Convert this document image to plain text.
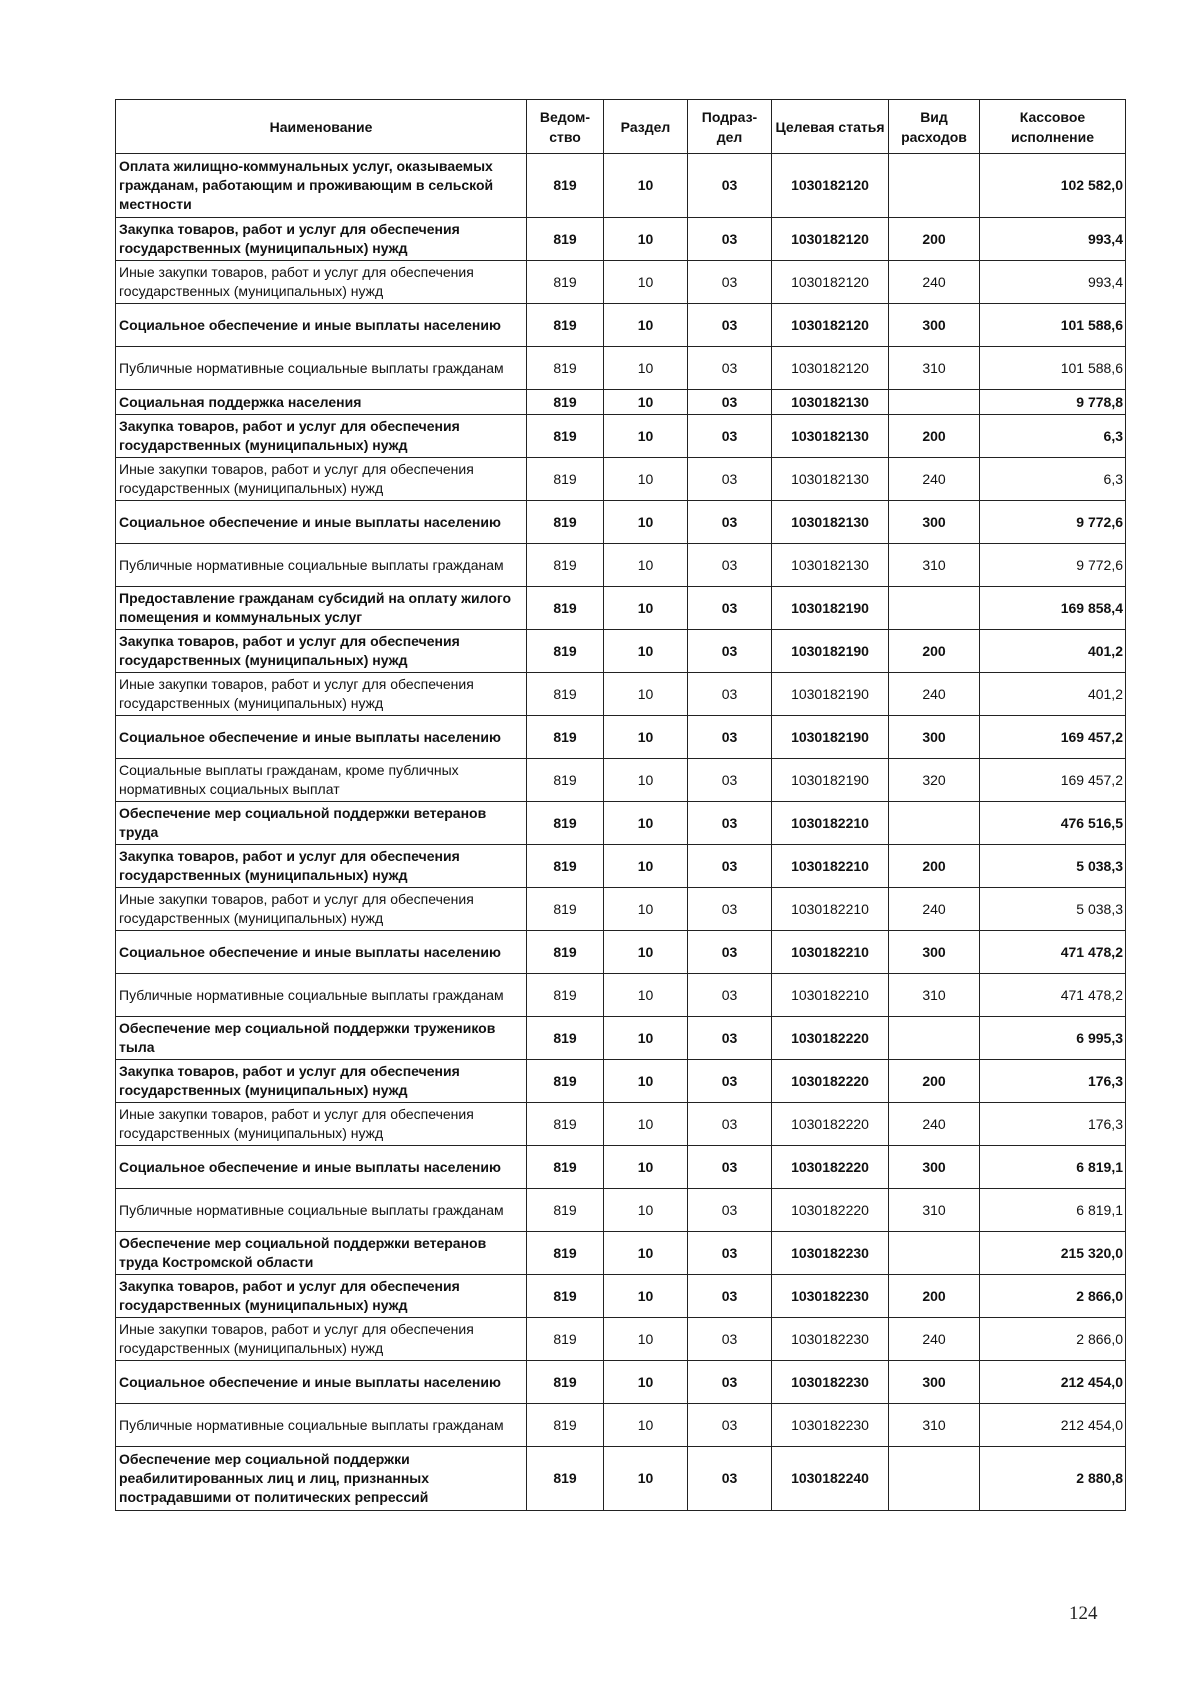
Наименование	Ведом-ство	Раздел	Подраз-дел	Целевая статья	Вид расходов	Кассовое исполнение
Оплата жилищно-коммунальных услуг, оказываемых гражданам, работающим и проживающим в сельской местности	819	10	03	1030182120		102 582,0
Закупка товаров, работ и услуг для обеспечения государственных (муниципальных) нужд	819	10	03	1030182120	200	993,4
Иные закупки товаров, работ и услуг для обеспечения государственных (муниципальных) нужд	819	10	03	1030182120	240	993,4
Социальное обеспечение и иные выплаты населению	819	10	03	1030182120	300	101 588,6
Публичные нормативные социальные выплаты гражданам	819	10	03	1030182120	310	101 588,6
Социальная поддержка населения	819	10	03	1030182130		9 778,8
Закупка товаров, работ и услуг для обеспечения государственных (муниципальных) нужд	819	10	03	1030182130	200	6,3
Иные закупки товаров, работ и услуг для обеспечения государственных (муниципальных) нужд	819	10	03	1030182130	240	6,3
Социальное обеспечение и иные выплаты населению	819	10	03	1030182130	300	9 772,6
Публичные нормативные социальные выплаты гражданам	819	10	03	1030182130	310	9 772,6
Предоставление гражданам субсидий на оплату жилого помещения и коммунальных услуг	819	10	03	1030182190		169 858,4
Закупка товаров, работ и услуг для обеспечения государственных (муниципальных) нужд	819	10	03	1030182190	200	401,2
Иные закупки товаров, работ и услуг для обеспечения государственных (муниципальных) нужд	819	10	03	1030182190	240	401,2
Социальное обеспечение и иные выплаты населению	819	10	03	1030182190	300	169 457,2
Социальные выплаты гражданам, кроме публичных нормативных социальных выплат	819	10	03	1030182190	320	169 457,2
Обеспечение мер социальной поддержки ветеранов труда	819	10	03	1030182210		476 516,5
Закупка товаров, работ и услуг для обеспечения государственных (муниципальных) нужд	819	10	03	1030182210	200	5 038,3
Иные закупки товаров, работ и услуг для обеспечения государственных (муниципальных) нужд	819	10	03	1030182210	240	5 038,3
Социальное обеспечение и иные выплаты населению	819	10	03	1030182210	300	471 478,2
Публичные нормативные социальные выплаты гражданам	819	10	03	1030182210	310	471 478,2
Обеспечение мер социальной поддержки тружеников тыла	819	10	03	1030182220		6 995,3
Закупка товаров, работ и услуг для обеспечения государственных (муниципальных) нужд	819	10	03	1030182220	200	176,3
Иные закупки товаров, работ и услуг для обеспечения государственных (муниципальных) нужд	819	10	03	1030182220	240	176,3
Социальное обеспечение и иные выплаты населению	819	10	03	1030182220	300	6 819,1
Публичные нормативные социальные выплаты гражданам	819	10	03	1030182220	310	6 819,1
Обеспечение мер социальной поддержки ветеранов труда Костромской области	819	10	03	1030182230		215 320,0
Закупка товаров, работ и услуг для обеспечения государственных (муниципальных) нужд	819	10	03	1030182230	200	2 866,0
Иные закупки товаров, работ и услуг для обеспечения государственных (муниципальных) нужд	819	10	03	1030182230	240	2 866,0
Социальное обеспечение и иные выплаты населению	819	10	03	1030182230	300	212 454,0
Публичные нормативные социальные выплаты гражданам	819	10	03	1030182230	310	212 454,0
Обеспечение мер социальной поддержки реабилитированных лиц и лиц, признанных пострадавшими от политических репрессий	819	10	03	1030182240		2 880,8
124
